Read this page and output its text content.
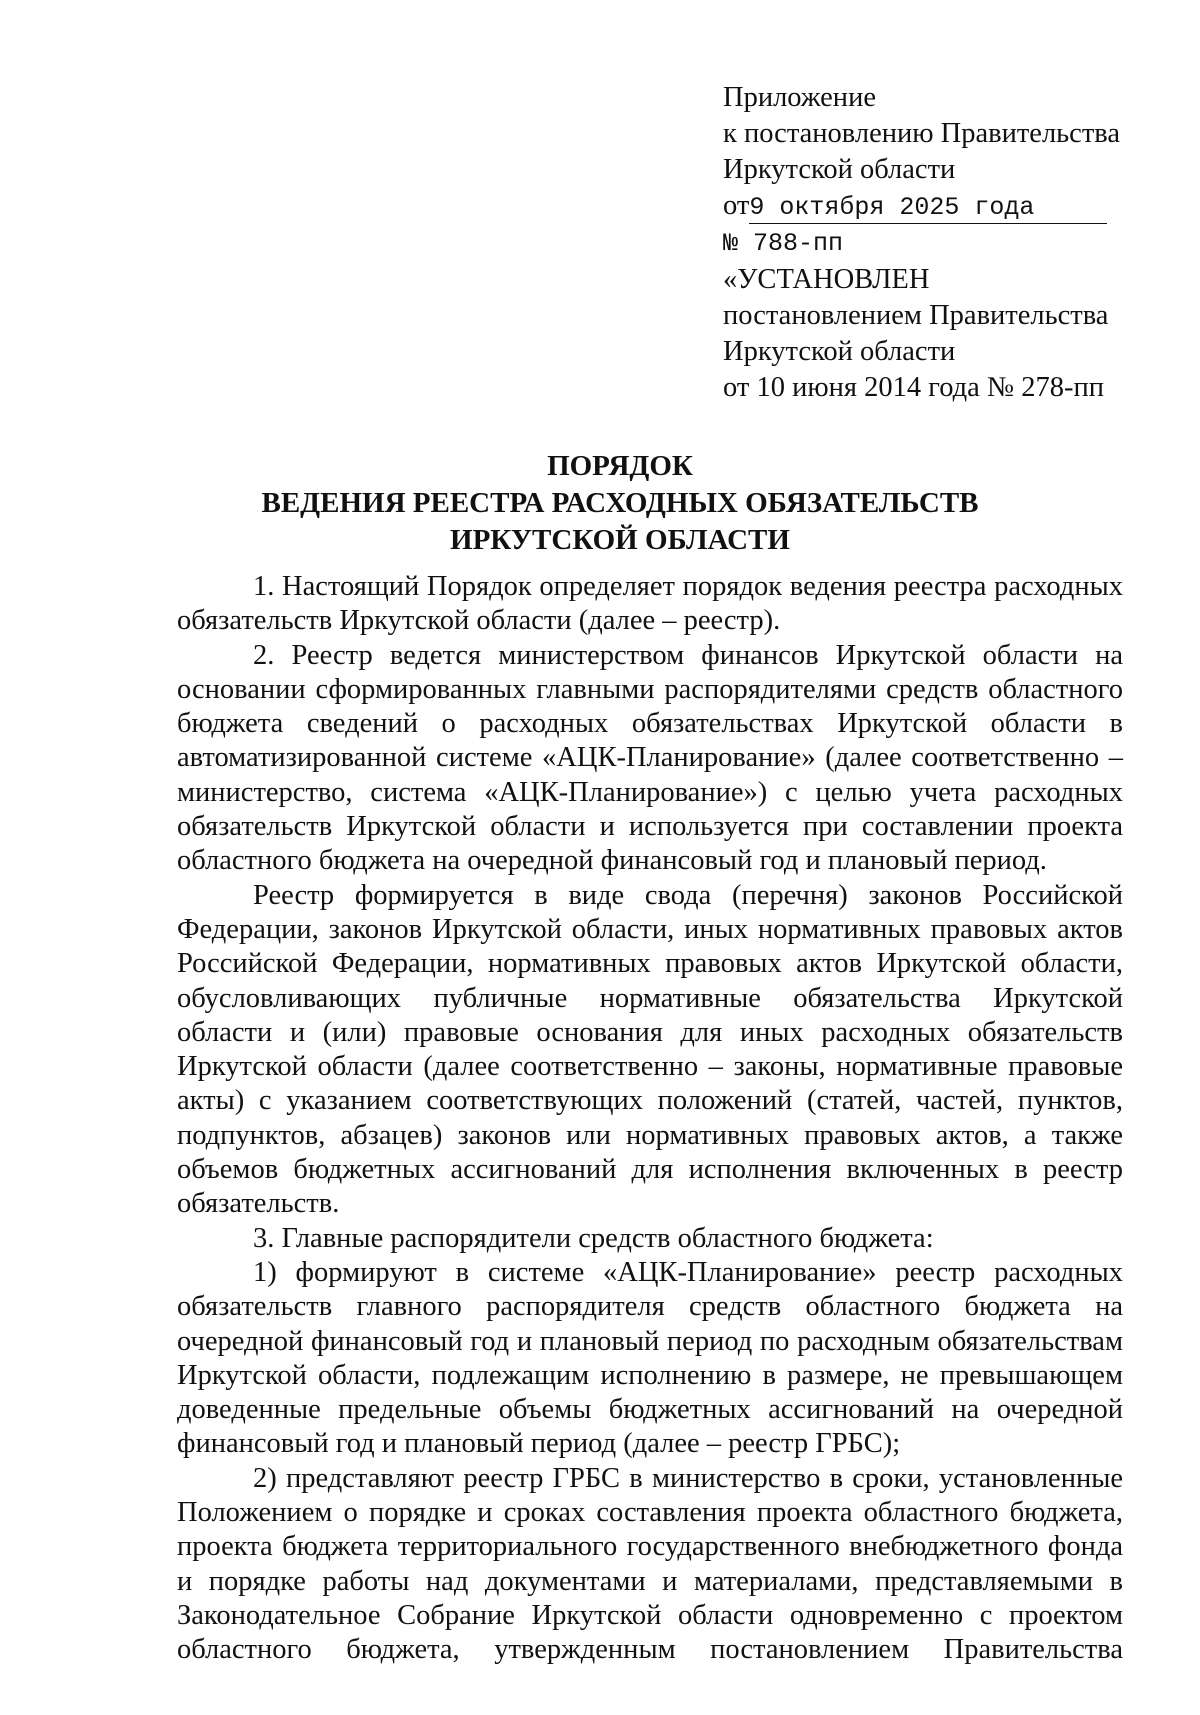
Приложение
к постановлению Правительства
Иркутской области
от9 октября 2025 года
№ 788-пп
«УСТАНОВЛЕН
постановлением Правительства
Иркутской области
от 10 июня 2014 года № 278-пп
ПОРЯДОК
ВЕДЕНИЯ РЕЕСТРА РАСХОДНЫХ ОБЯЗАТЕЛЬСТВ
ИРКУТСКОЙ ОБЛАСТИ

1. Настоящий Порядок определяет порядок ведения реестра расходных обязательств Иркутской области (далее – реестр).

2. Реестр ведется министерством финансов Иркутской области на основании сформированных главными распорядителями средств областного бюджета сведений о расходных обязательствах Иркутской области в автоматизированной системе «АЦК-Планирование» (далее соответственно – министерство, система «АЦК-Планирование») с целью учета расходных обязательств Иркутской области и используется при составлении проекта областного бюджета на очередной финансовый год и плановый период.

Реестр формируется в виде свода (перечня) законов Российской Федерации, законов Иркутской области, иных нормативных правовых актов Российской Федерации, нормативных правовых актов Иркутской области, обусловливающих публичные нормативные обязательства Иркутской области и (или) правовые основания для иных расходных обязательств Иркутской области (далее соответственно – законы, нормативные правовые акты) с указанием соответствующих положений (статей, частей, пунктов, подпунктов, абзацев) законов или нормативных правовых актов, а также объемов бюджетных ассигнований для исполнения включенных в реестр обязательств.

3. Главные распорядители средств областного бюджета:

1) формируют в системе «АЦК-Планирование» реестр расходных обязательств главного распорядителя средств областного бюджета на очередной финансовый год и плановый период по расходным обязательствам Иркутской области, подлежащим исполнению в размере, не превышающем доведенные предельные объемы бюджетных ассигнований на очередной финансовый год и плановый период (далее – реестр ГРБС);

2) представляют реестр ГРБС в министерство в сроки, установленные Положением о порядке и сроках составления проекта областного бюджета, проекта бюджета территориального государственного внебюджетного фонда и порядке работы над документами и материалами, представляемыми в Законодательное Собрание Иркутской области одновременно с проектом областного бюджета, утвержденным постановлением Правительства
